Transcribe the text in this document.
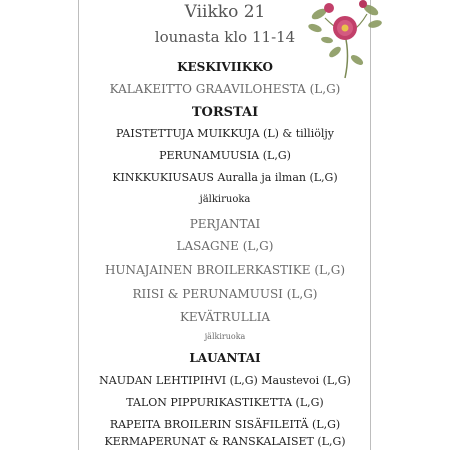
Viikko 21
lounasta klo 11-14
KESKIVIIKKO
KALAKEITTO GRAAVILOHESTA (L,G)
TORSTAI
PAISTETTUJA MUIKKUJA (L) & tilliöljy
PERUNAMUUSIA (L,G)
KINKKUKIUSAUS Auralla ja ilman (L,G)
jälkiruoka
PERJANTAI
LASAGNE (L,G)
HUNAJAINEN BROILERKASTIKE (L,G)
RIISI & PERUNAMUUSI (L,G)
KEVÄTRULLIA
jälkiruoka
LAUANTAI
NAUDAN LEHTIPIHVI (L,G) Maustevoi (L,G)
TALON PIPPURIKASTIKETTA (L,G)
RAPEITA BROILERIN SISÄFILEITÄ (L,G)
KERMAPERUNAT & RANSKALAISET (L,G)
